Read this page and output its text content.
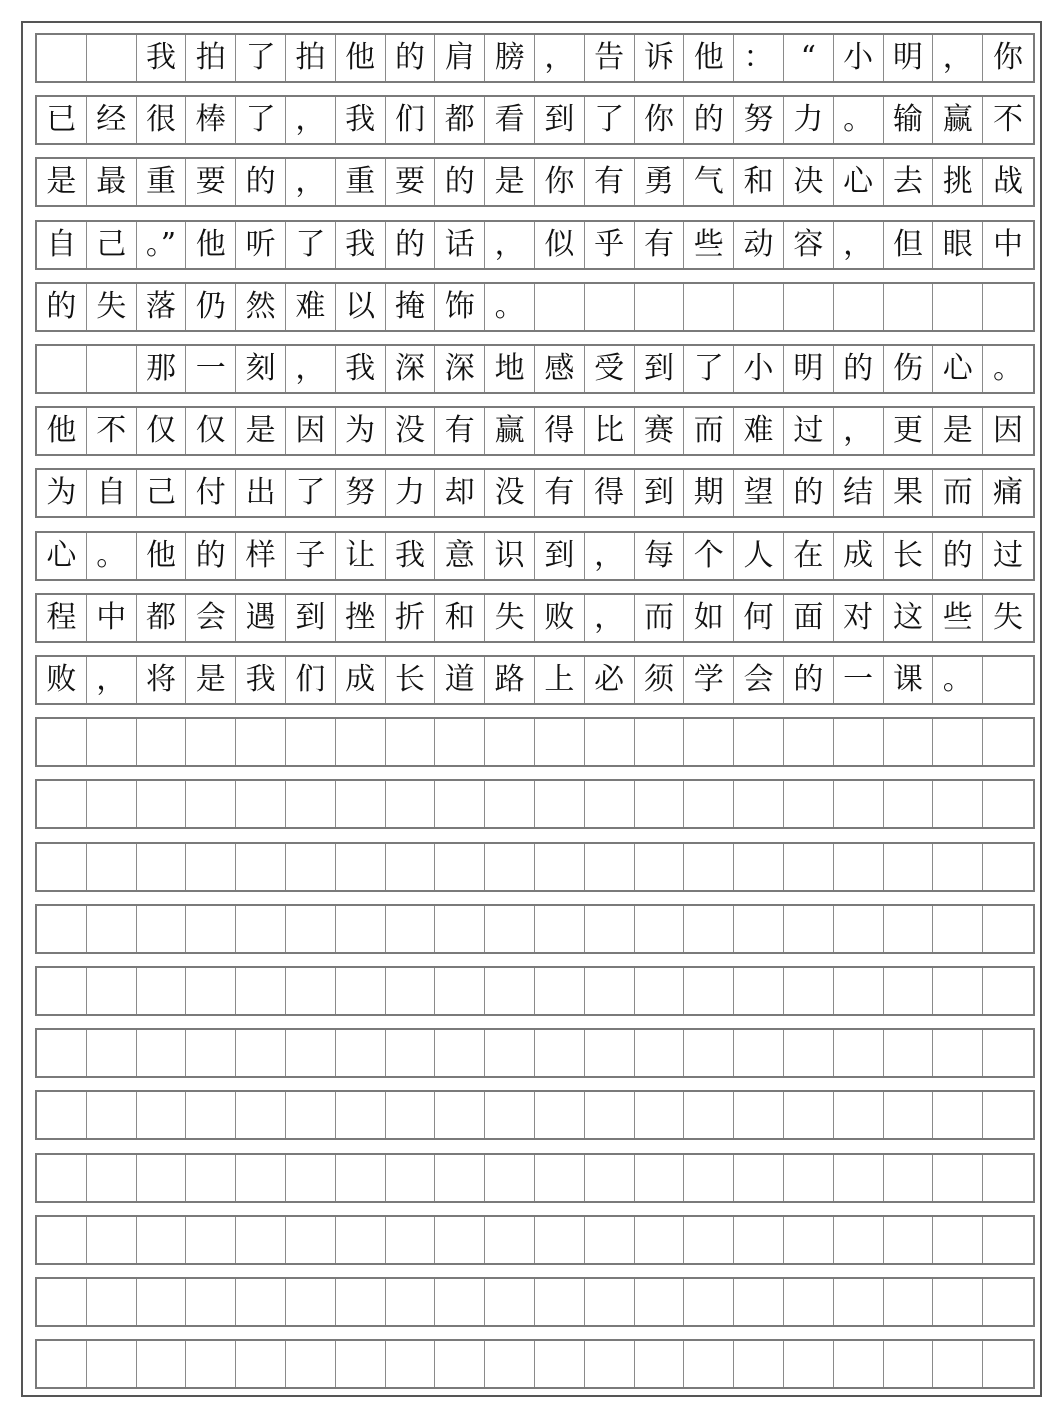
我 拍 了 拍 他 的 肩 膀 ， 告 诉 他 ： “ 小 明 ， 你
已 经 很 棒 了 ， 我 们 都 看 到 了 你 的 努 力 。 输 赢 不
是 最 重 要 的 ， 重 要 的 是 你 有 勇 气 和 决 心 去 挑 战
自 己 。” 他 听 了 我 的 话 ， 似 乎 有 些 动 容 ， 但 眼 中
的 失 落 仍 然 难 以 掩 饰 。
那 一 刻 ， 我 深 深 地 感 受 到 了 小 明 的 伤 心 。
他 不 仅 仅 是 因 为 没 有 赢 得 比 赛 而 难 过 ， 更 是 因
为 自 己 付 出 了 努 力 却 没 有 得 到 期 望 的 结 果 而 痛
心 。 他 的 样 子 让 我 意 识 到 ， 每 个 人 在 成 长 的 过
程 中 都 会 遇 到 挫 折 和 失 败 ， 而 如 何 面 对 这 些 失
败 ， 将 是 我 们 成 长 道 路 上 必 须 学 会 的 一 课 。
